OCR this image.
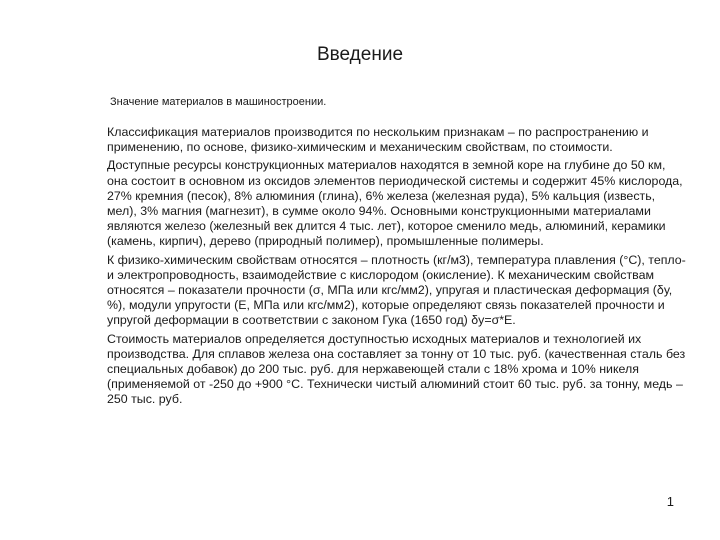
Введение
Значение материалов в машиностроении.

Классификация материалов производится по нескольким признакам – по распространению и применению, по основе, физико-химическим и механическим свойствам, по стоимости.

Доступные ресурсы конструкционных материалов находятся в земной коре на глубине до 50 км, она состоит в основном из оксидов элементов периодической системы и содержит 45% кислорода, 27% кремния (песок), 8% алюминия (глина), 6% железа (железная руда), 5% кальция (известь, мел), 3% магния (магнезит), в сумме около 94%. Основными конструкционными материалами являются железо (железный век длится 4 тыс. лет), которое сменило медь, алюминий, керамики (камень, кирпич), дерево (природный полимер), промышленные полимеры.

К физико-химическим свойствам относятся – плотность (кг/м3), температура плавления (°С), тепло- и электропроводность, взаимодействие с кислородом (окисление). К механическим свойствам относятся – показатели прочности (σ, МПа или кгс/мм2), упругая и пластическая деформация (δу, %), модули упругости (Е, МПа или кгс/мм2), которые определяют связь показателей прочности и упругой деформации в соответствии с законом Гука (1650 год) δу=σ*Е.

Стоимость материалов определяется доступностью исходных материалов и технологией их производства. Для сплавов железа она составляет за тонну от 10 тыс. руб. (качественная сталь без специальных добавок) до 200 тыс. руб. для нержавеющей стали с 18% хрома и 10% никеля (применяемой от -250 до +900 °С. Технически чистый алюминий стоит 60 тыс. руб. за тонну, медь – 250 тыс. руб.

1
